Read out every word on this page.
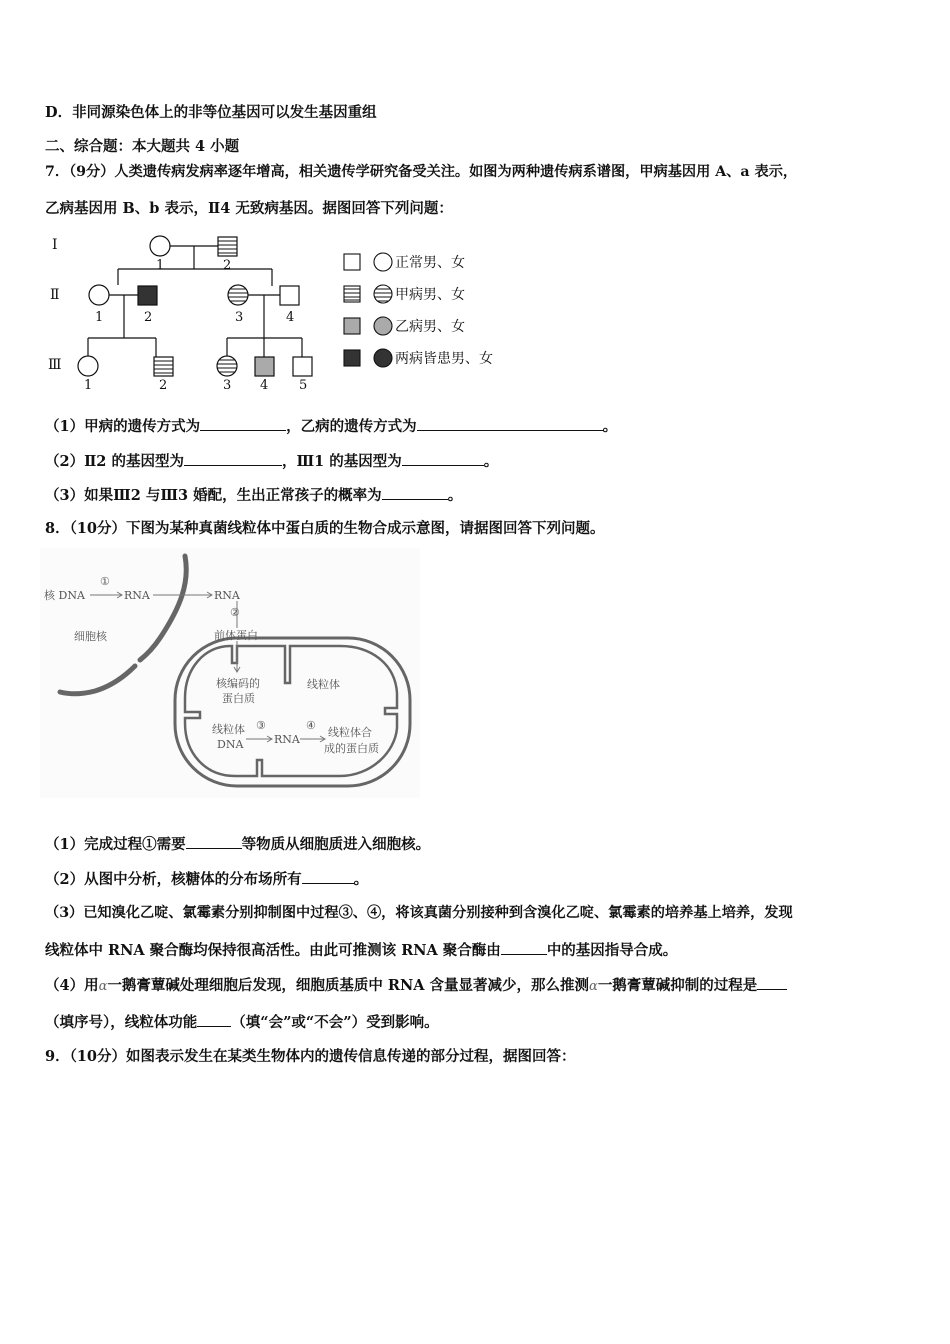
D．非同源染色体上的非等位基因可以发生基因重组
二、综合题：本大题共 4 小题
7．（9分）人类遗传病发病率逐年增高，相关遗传学研究备受关注。如图为两种遗传病系谱图，甲病基因用 A、a 表示，
乙病基因用 B、b 表示，Ⅱ4 无致病基因。据图回答下列问题：
Ⅰ
Ⅱ
Ⅲ
1	2
1	2	3	4
1	2	3 4 5
正常男、女
甲病男、女
乙病男、女
两病皆患男、女
（1）甲病的遗传方式为	，乙病的遗传方式为	。
（2）Ⅱ2 的基因型为	，Ⅲ1 的基因型为	。
（3）如果Ⅲ2 与Ⅲ3 婚配，生出正常孩子的概率为	。
8．（10分）下图为某种真菌线粒体中蛋白质的生物合成示意图，请据图回答下列问题。
核 DNA	RNA	RNA
①
②
细胞核	前体蛋白
核编码的
蛋白质
线粒体
线粒体
DNA
③
RNA
④
线粒体合
成的蛋白质
（1）完成过程①需要	等物质从细胞质进入细胞核。
（2）从图中分析，核糖体的分布场所有	。
（3）已知溴化乙啶、氯霉素分别抑制图中过程③、④，将该真菌分别接种到含溴化乙啶、氯霉素的培养基上培养，发现
线粒体中 RNA 聚合酶均保持很高活性。由此可推测该 RNA 聚合酶由	中的基因指导合成。
（4）用α一鹅膏蕈碱处理细胞后发现，细胞质基质中 RNA 含量显著减少，那么推测α一鹅膏蕈碱抑制的过程是
（填序号），线粒体功能 （填“会”或“不会”）受到影响。
9．（10分）如图表示发生在某类生物体内的遗传信息传递的部分过程，据图回答：
